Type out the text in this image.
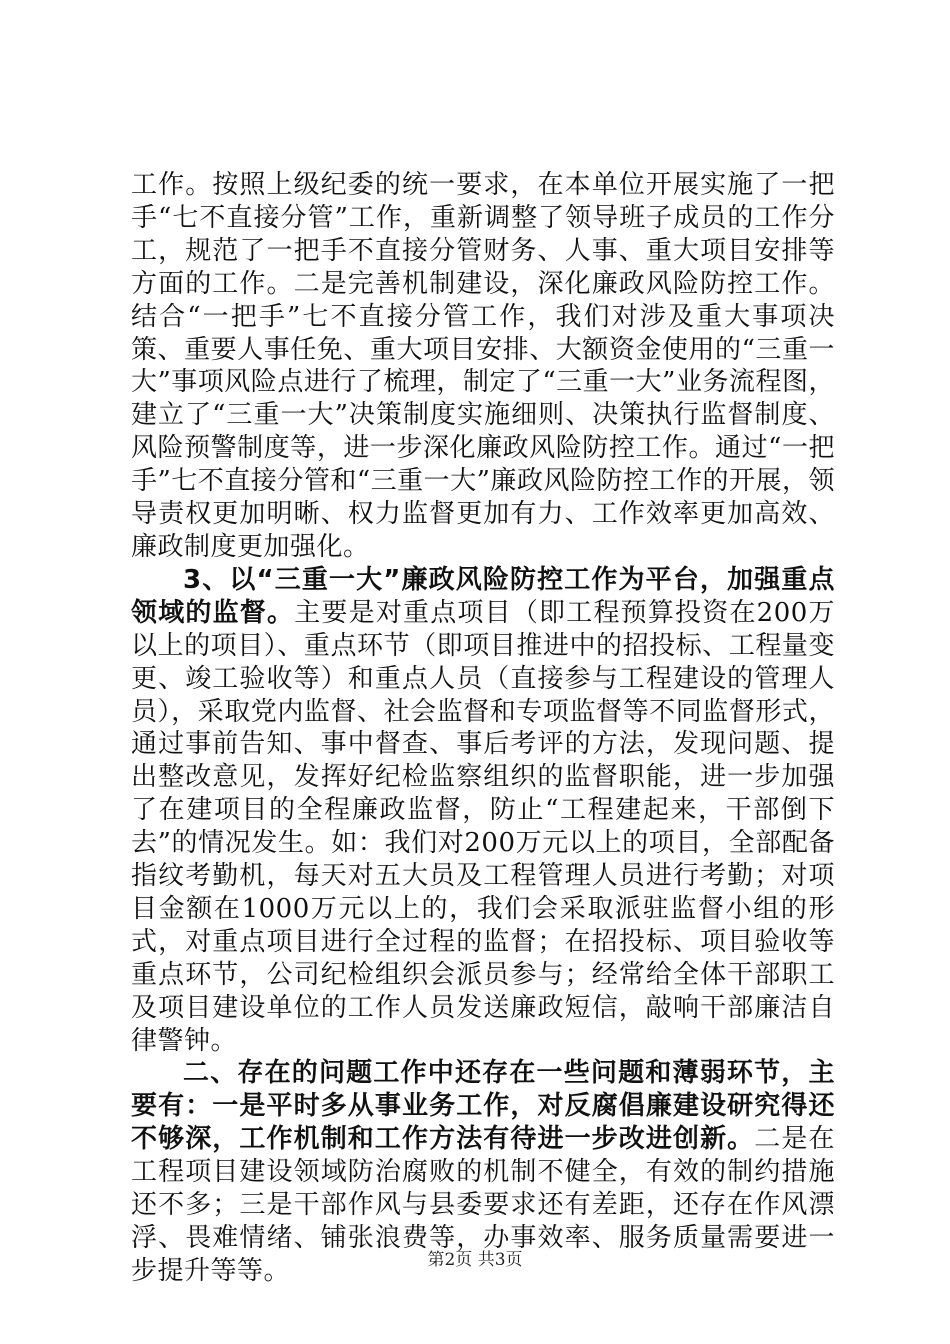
工作。按照上级纪委的统一要求，在本单位开展实施了一把手“七不直接分管”工作，重新调整了领导班子成员的工作分工，规范了一把手不直接分管财务、人事、重大项目安排等方面的工作。二是完善机制建设，深化廉政风险防控工作。结合“一把手”七不直接分管工作，我们对涉及重大事项决策、重要人事任免、重大项目安排、大额资金使用的“三重一大”事项风险点进行了梳理，制定了“三重一大”业务流程图，建立了“三重一大”决策制度实施细则、决策执行监督制度、风险预警制度等，进一步深化廉政风险防控工作。通过“一把手”七不直接分管和“三重一大”廉政风险防控工作的开展，领导责权更加明晰、权力监督更加有力、工作效率更加高效、廉政制度更加强化。

3、以“三重一大”廉政风险防控工作为平台，加强重点领域的监督。主要是对重点项目（即工程预算投资在200万以上的项目）、重点环节（即项目推进中的招投标、工程量变更、竣工验收等）和重点人员（直接参与工程建设的管理人员），采取党内监督、社会监督和专项监督等不同监督形式，通过事前告知、事中督查、事后考评的方法，发现问题、提出整改意见，发挥好纪检监察组织的监督职能，进一步加强了在建项目的全程廉政监督，防止“工程建起来，干部倒下去”的情况发生。如：我们对200万元以上的项目，全部配备指纹考勤机，每天对五大员及工程管理人员进行考勤；对项目金额在1000万元以上的，我们会采取派驻监督小组的形式，对重点项目进行全过程的监督；在招投标、项目验收等重点环节，公司纪检组织会派员参与；经常给全体干部职工及项目建设单位的工作人员发送廉政短信，敲响干部廉洁自律警钟。

二、存在的问题工作中还存在一些问题和薄弱环节，主要有：一是平时多从事业务工作，对反腐倡廉建设研究得还不够深，工作机制和工作方法有待进一步改进创新。二是在工程项目建设领域防治腐败的机制不健全，有效的制约措施还不多；三是干部作风与县委要求还有差距，还存在作风漂浮、畏难情绪、铺张浪费等，办事效率、服务质量需要进一步提升等等。	第2页 共3页
